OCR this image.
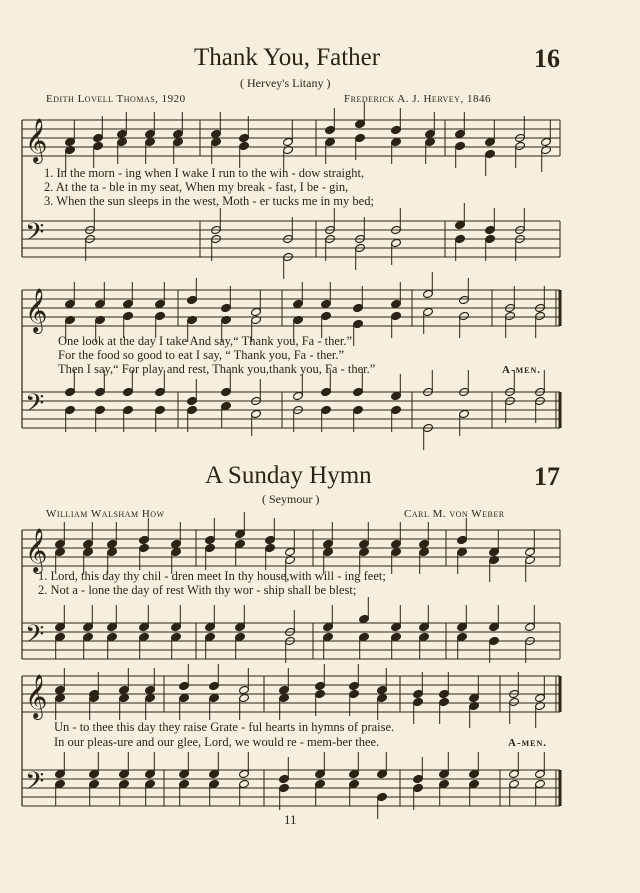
Thank You, Father	16
( Hervey's Litany )
Edith Lovell Thomas, 1920	Frederick A. J. Hervey, 1846
𝄞
𝄢
𝄞
𝄢
𝄞
𝄢
𝄞
𝄢
1. In the morn - ing when I wake I run to the win - dow straight,
2. At the ta - ble in my seat, When my break - fast, I be - gin,
3. When the sun sleeps in the west, Moth - er tucks me in my bed;
One look at the day I take And say,“ Thank you, Fa - ther.”
For the food so good to eat I say, “ Thank you, Fa - ther.”
Then I say,“ For play and rest, Thank you,thank you, Fa - ther.”	A-men.
A Sunday Hymn	17
( Seymour )
William Walsham How	Carl M. von Weber
1. Lord, this day thy chil - dren meet In thy house,with will - ing feet;
2. Not a - lone the day of rest With thy wor - ship shall be blest;
Un - to thee this day they raise Grate - ful hearts in hymns of praise.
In our pleas-ure and our glee, Lord, we would re - mem-ber thee.	A-men.
11
